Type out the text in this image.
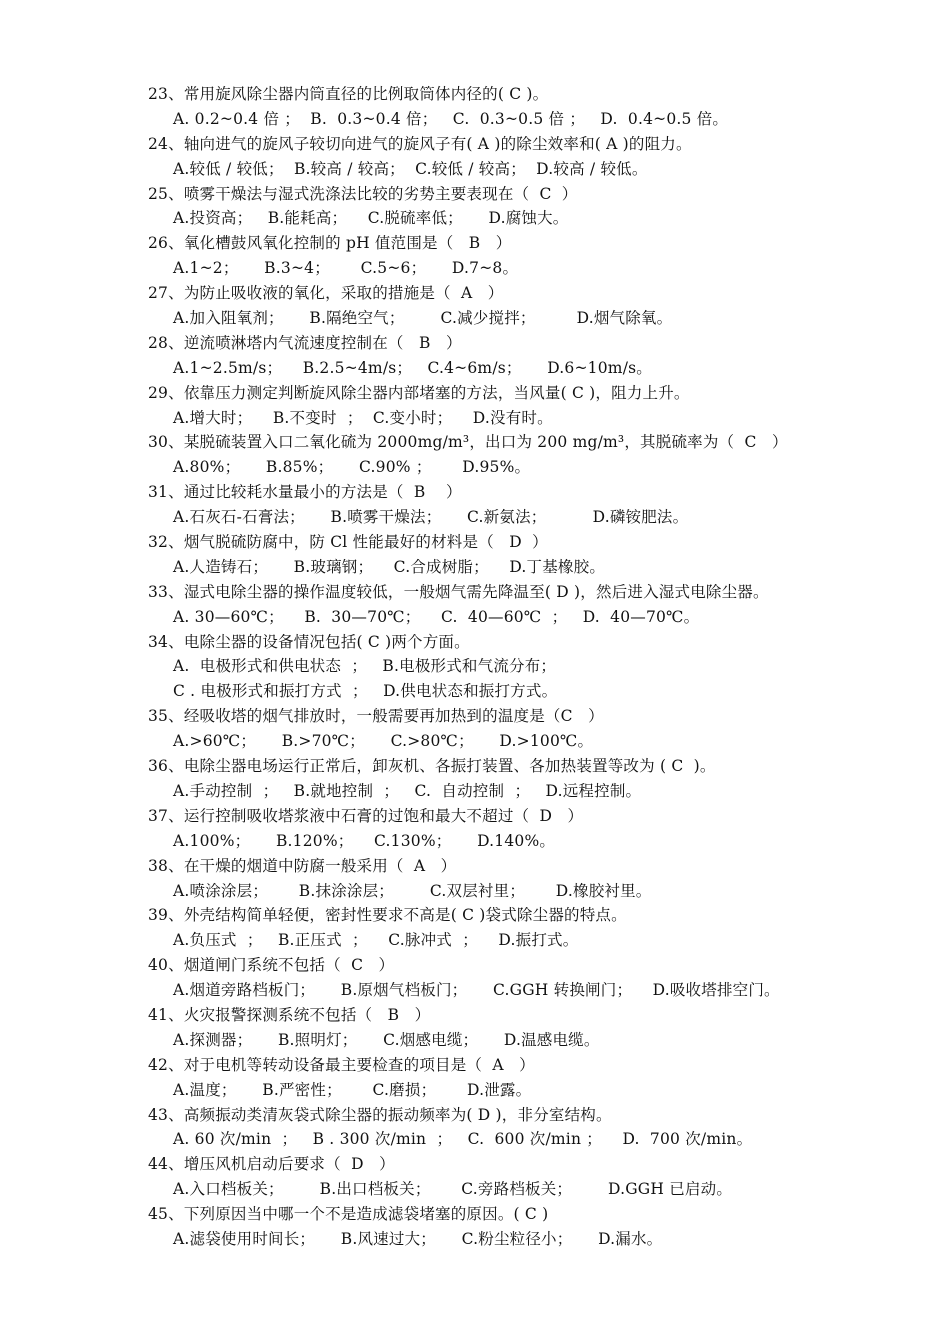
23、常用旋风除尘器内筒直径的比例取筒体内径的( C )。
A. 0.2~0.4 倍 ；  B.  0.3~0.4 倍；   C.  0.3~0.5 倍 ；   D.  0.4~0.5 倍。
24、轴向进气的旋风子较切向进气的旋风子有( A )的除尘效率和( A )的阻力。
A.较低 / 较低；  B.较高 / 较高；  C.较低 / 较高；  D.较高 / 较低。
25、喷雾干燥法与湿式洗涤法比较的劣势主要表现在（  C  ）
A.投资高；   B.能耗高；    C.脱硫率低；     D.腐蚀大。
26、氧化槽鼓风氧化控制的 pH 值范围是（   B   ）
A.1~2；     B.3~4；      C.5~6；     D.7~8。
27、为防止吸收液的氧化，采取的措施是（  A   ）
A.加入阻氧剂；     B.隔绝空气；       C.减少搅拌；        D.烟气除氧。
28、逆流喷淋塔内气流速度控制在（   B   ）
A.1~2.5m/s；    B.2.5~4m/s；   C.4~6m/s；     D.6~10m/s。
29、依靠压力测定判断旋风除尘器内部堵塞的方法，当风量( C )，阻力上升。
A.增大时；    B.不变时  ；  C.变小时；    D.没有时。
30、某脱硫装置入口二氧化硫为 2000mg/m³，出口为 200 mg/m³，其脱硫率为（  C   ）
A.80%；     B.85%；     C.90% ；      D.95%。
31、通过比较耗水量最小的方法是（  B    ）
A.石灰石-石膏法；     B.喷雾干燥法；     C.新氨法；         D.磷铵肥法。
32、烟气脱硫防腐中，防 Cl 性能最好的材料是（   D  ）
A.人造铸石；     B.玻璃钢；    C.合成树脂；    D.丁基橡胶。
33、湿式电除尘器的操作温度较低，一般烟气需先降温至( D )，然后进入湿式电除尘器。
A. 30—60℃；    B.  30—70℃；    C.  40—60℃  ；   D.  40—70℃。
34、电除尘器的设备情况包括( C )两个方面。
A.  电极形式和供电状态  ；   B.电极形式和气流分布；
C . 电极形式和振打方式  ；   D.供电状态和振打方式。
35、经吸收塔的烟气排放时，一般需要再加热到的温度是（C   ）
A.>60℃；     B.>70℃；     C.>80℃；     D.>100℃。
36、电除尘器电场运行正常后，卸灰机、各振打装置、各加热装置等改为 ( C  )。
A.手动控制  ；   B.就地控制  ；   C.  自动控制  ；   D.远程控制。
37、运行控制吸收塔浆液中石膏的过饱和最大不超过（  D   ）
A.100%；     B.120%；    C.130%；     D.140%。
38、在干燥的烟道中防腐一般采用（  A   ）
A.喷涂涂层；      B.抹涂涂层；       C.双层衬里；      D.橡胶衬里。
39、外壳结构简单轻便，密封性要求不高是( C )袋式除尘器的特点。
A.负压式  ；   B.正压式  ；    C.脉冲式  ；    D.振打式。
40、烟道闸门系统不包括（  C   ）
A.烟道旁路档板门；     B.原烟气档板门；     C.GGH 转换闸门；    D.吸收塔排空门。
41、火灾报警探测系统不包括（   B   ）
A.探测器；     B.照明灯；     C.烟感电缆；     D.温感电缆。
42、对于电机等转动设备最主要检查的项目是（  A   ）
A.温度；     B.严密性；      C.磨损；      D.泄露。
43、高频振动类清灰袋式除尘器的振动频率为( D )，非分室结构。
A. 60 次/min  ；   B . 300 次/min  ；   C.  600 次/min ；    D.  700 次/min。
44、增压风机启动后要求（  D   ）
A.入口档板关；       B.出口档板关；      C.旁路档板关；       D.GGH 已启动。
45、下列原因当中哪一个不是造成滤袋堵塞的原因。( C )
A.滤袋使用时间长；     B.风速过大；     C.粉尘粒径小；     D.漏水。
